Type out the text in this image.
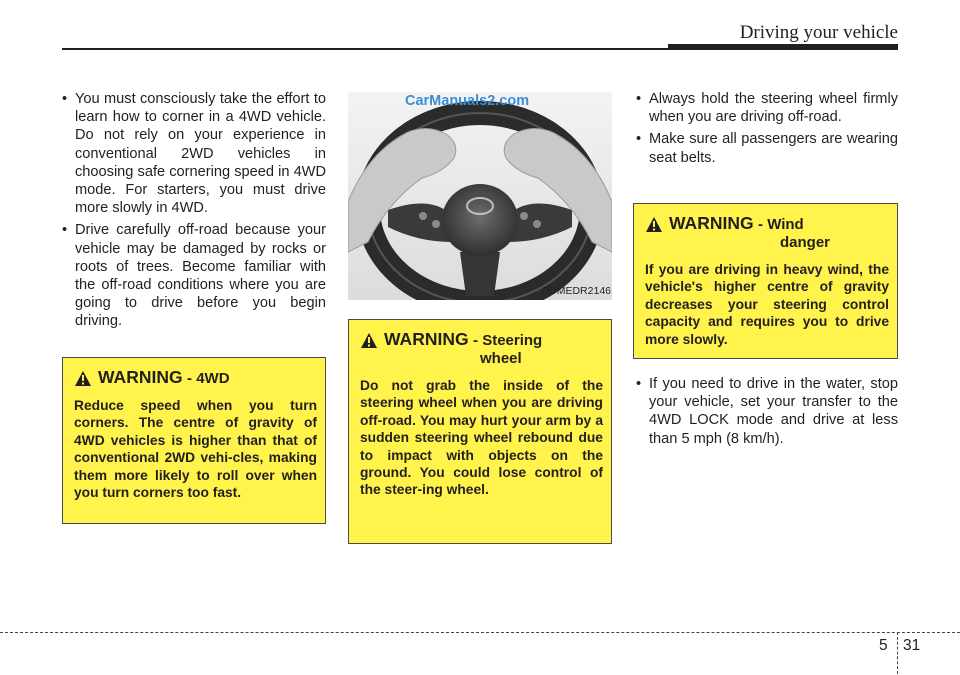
Driving your vehicle
• You must consciously take the effort to learn how to corner in a 4WD vehicle. Do not rely on your experience in conventional 2WD vehicles in choosing safe cornering speed in 4WD mode. For starters, you must drive more slowly in 4WD.
• Drive carefully off-road because your vehicle may be damaged by rocks or roots of trees. Become familiar with the off-road conditions where you are going to drive before you begin driving.
WARNING - 4WD
Reduce speed when you turn corners. The centre of gravity of 4WD vehicles is higher than that of conventional 2WD vehi-cles, making them more likely to roll over when you turn corners too fast.
CarManuals2.com
ODMEDR2146
WARNING - Steering
wheel
Do not grab the inside of the steering wheel when you are driving off-road. You may hurt your arm by a sudden steering wheel rebound due to impact with objects on the ground. You could lose control of the steer-ing wheel.
• Always hold the steering wheel firmly when you are driving off-road.
• Make sure all passengers are wearing seat belts.
WARNING - Wind
danger
If you are driving in heavy wind, the vehicle's higher centre of gravity decreases your steering control capacity and requires you to drive more slowly.
• If you need to drive in the water, stop your vehicle, set your transfer to the 4WD LOCK mode and drive at less than 5 mph (8 km/h).
5 31
